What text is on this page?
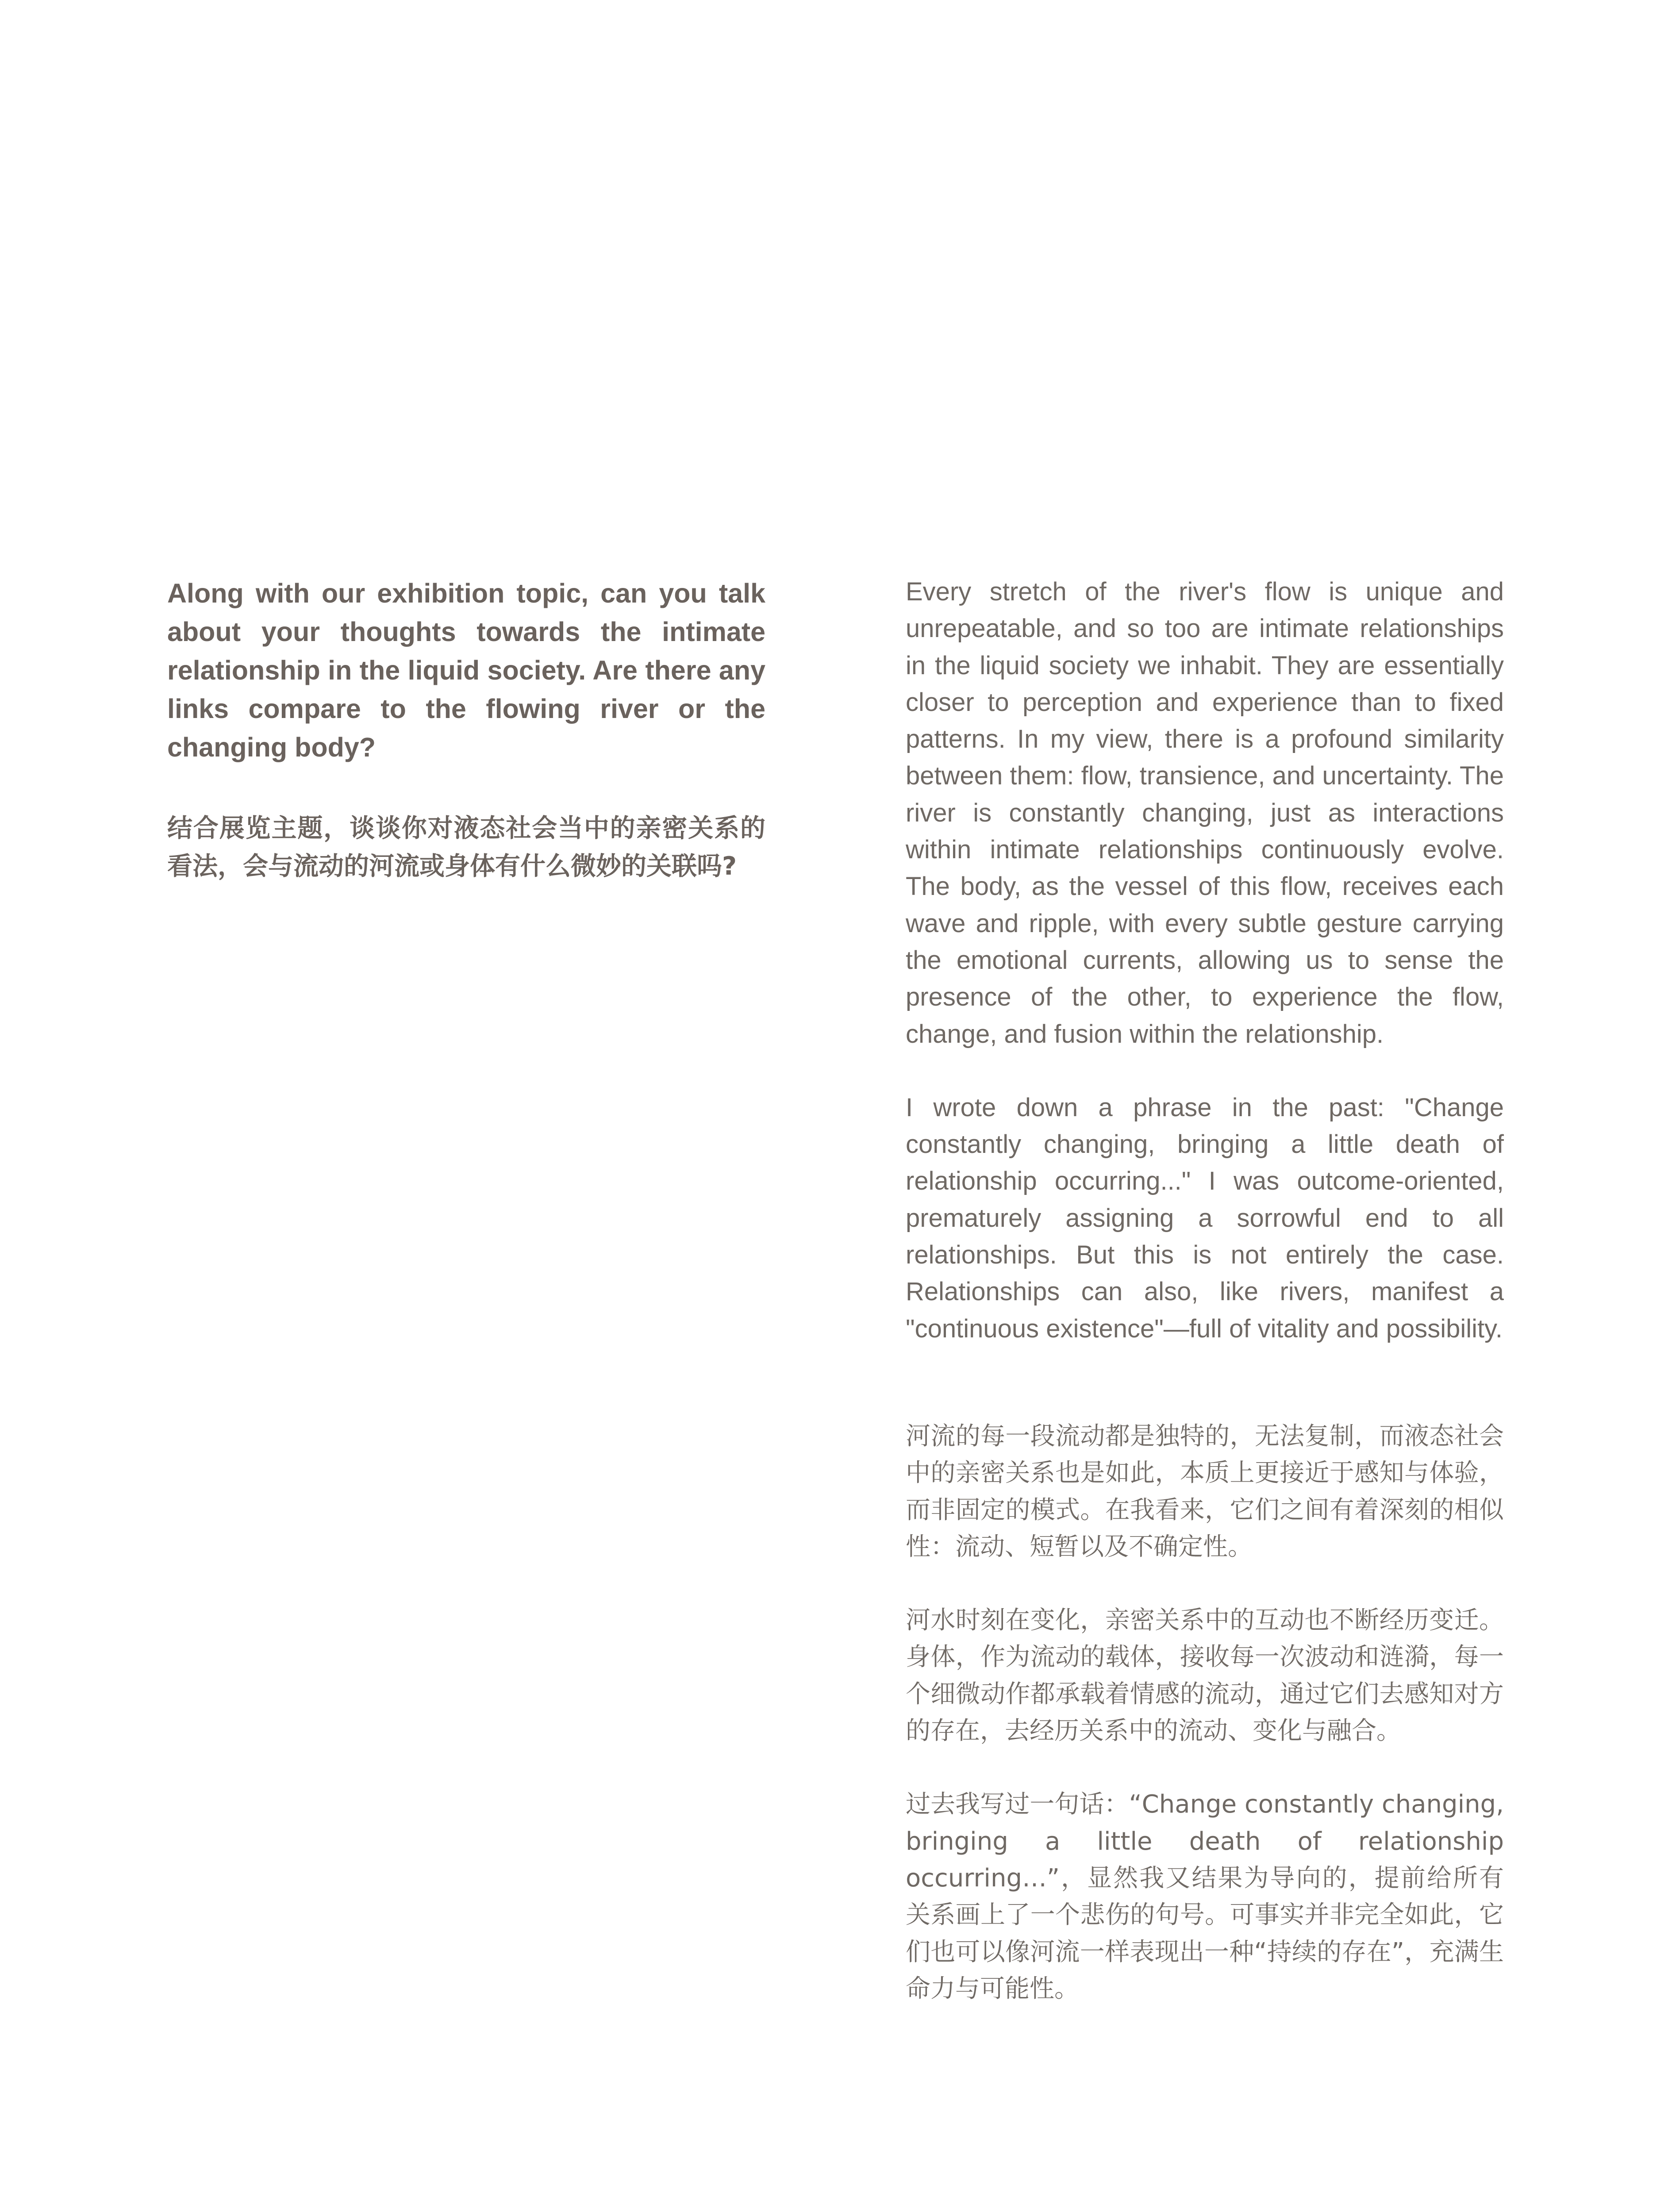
Along with our exhibition topic, can you talk about your thoughts towards the intimate relationship in the liquid society. Are there any links compare to the flowing river or the changing body?

结合展览主题，谈谈你对液态社会当中的亲密关系的看法，会与流动的河流或身体有什么微妙的关联吗?

Every stretch of the river's flow is unique and unrepeatable, and so too are intimate relationships in the liquid society we inhabit. They are essentially closer to perception and experience than to fixed patterns. In my view, there is a profound similarity between them: flow, transience, and uncertainty. The river is constantly changing, just as interactions within intimate relationships continuously evolve. The body, as the vessel of this flow, receives each wave and ripple, with every subtle gesture carrying the emotional currents, allowing us to sense the presence of the other, to experience the flow, change, and fusion within the relationship.

I wrote down a phrase in the past: "Change constantly changing, bringing a little death of relationship occurring..." I was outcome-oriented, prematurely assigning a sorrowful end to all relationships. But this is not entirely the case. Relationships can also, like rivers, manifest a "continuous existence"—full of vitality and possibility.

河流的每一段流动都是独特的，无法复制，而液态社会中的亲密关系也是如此，本质上更接近于感知与体验，而非固定的模式。在我看来，它们之间有着深刻的相似性：流动、短暂以及不确定性。

河水时刻在变化，亲密关系中的互动也不断经历变迁。身体，作为流动的载体，接收每一次波动和涟漪，每一个细微动作都承载着情感的流动，通过它们去感知对方的存在，去经历关系中的流动、变化与融合。

过去我写过一句话：“Change constantly changing, bringing a little death of relationship occurring…”，显然我又结果为导向的，提前给所有关系画上了一个悲伤的句号。可事实并非完全如此，它们也可以像河流一样表现出一种“持续的存在”，充满生命力与可能性。
